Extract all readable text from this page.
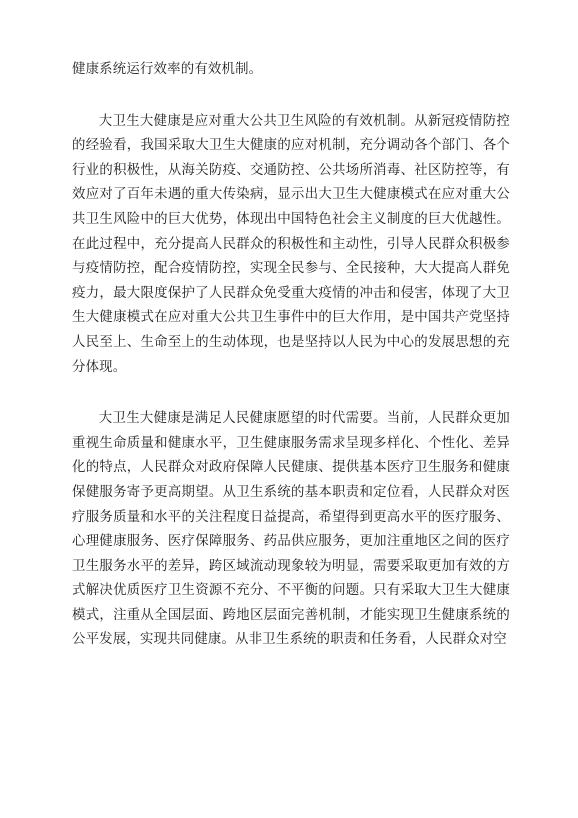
健康系统运行效率的有效机制。

大卫生大健康是应对重大公共卫生风险的有效机制。从新冠疫情防控的经验看，我国采取大卫生大健康的应对机制，充分调动各个部门、各个行业的积极性，从海关防疫、交通防控、公共场所消毒、社区防控等，有效应对了百年未遇的重大传染病，显示出大卫生大健康模式在应对重大公共卫生风险中的巨大优势，体现出中国特色社会主义制度的巨大优越性。在此过程中，充分提高人民群众的积极性和主动性，引导人民群众积极参与疫情防控，配合疫情防控，实现全民参与、全民接种，大大提高人群免疫力，最大限度保护了人民群众免受重大疫情的冲击和侵害，体现了大卫生大健康模式在应对重大公共卫生事件中的巨大作用，是中国共产党坚持人民至上、生命至上的生动体现，也是坚持以人民为中心的发展思想的充分体现。

大卫生大健康是满足人民健康愿望的时代需要。当前，人民群众更加重视生命质量和健康水平，卫生健康服务需求呈现多样化、个性化、差异化的特点，人民群众对政府保障人民健康、提供基本医疗卫生服务和健康保健服务寄予更高期望。从卫生系统的基本职责和定位看，人民群众对医疗服务质量和水平的关注程度日益提高，希望得到更高水平的医疗服务、心理健康服务、医疗保障服务、药品供应服务，更加注重地区之间的医疗卫生服务水平的差异，跨区域流动现象较为明显，需要采取更加有效的方式解决优质医疗卫生资源不充分、不平衡的问题。只有采取大卫生大健康模式，注重从全国层面、跨地区层面完善机制，才能实现卫生健康系统的公平发展，实现共同健康。从非卫生系统的职责和任务看，人民群众对空
